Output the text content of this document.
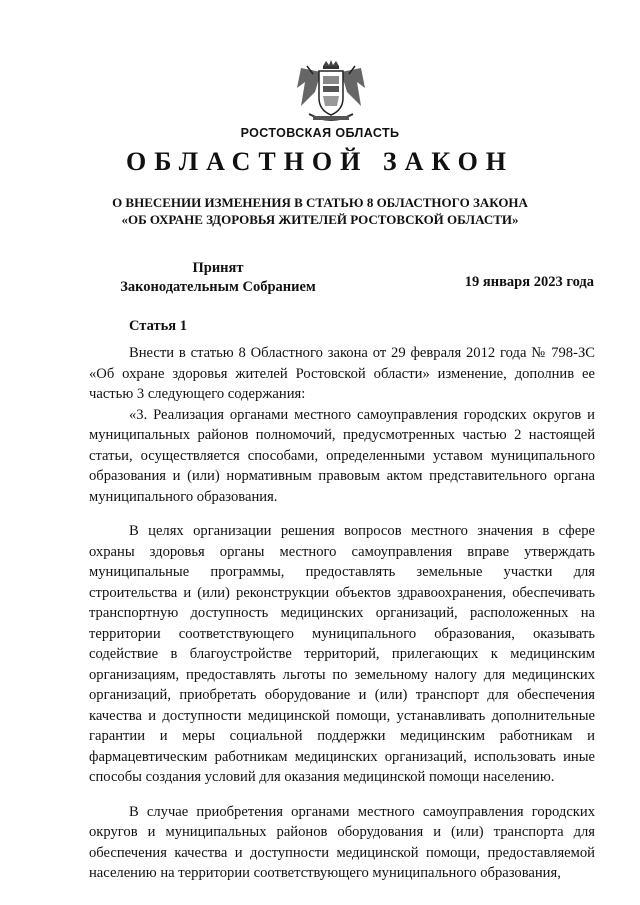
РОСТОВСКАЯ ОБЛАСТЬ
ОБЛАСТНОЙ ЗАКОН
О ВНЕСЕНИИ ИЗМЕНЕНИЯ В СТАТЬЮ 8 ОБЛАСТНОГО ЗАКОНА
«ОБ ОХРАНЕ ЗДОРОВЬЯ ЖИТЕЛЕЙ РОСТОВСКОЙ ОБЛАСТИ»
Принят
Законодательным Собранием	19 января 2023 года
Статья 1

Внести в статью 8 Областного закона от 29 февраля 2012 года № 798-ЗС «Об охране здоровья жителей Ростовской области» изменение, дополнив ее частью 3 следующего содержания:

«3. Реализация органами местного самоуправления городских округов и муниципальных районов полномочий, предусмотренных частью 2 настоящей статьи, осуществляется способами, определенными уставом муниципального образования и (или) нормативным правовым актом представительного органа муниципального образования.

В целях организации решения вопросов местного значения в сфере охраны здоровья органы местного самоуправления вправе утверждать муниципальные программы, предоставлять земельные участки для строительства и (или) реконструкции объектов здравоохранения, обеспечивать транспортную доступность медицинских организаций, расположенных на территории соответствующего муниципального образования, оказывать содействие в благоустройстве территорий, прилегающих к медицинским организациям, предоставлять льготы по земельному налогу для медицинских организаций, приобретать оборудование и (или) транспорт для обеспечения качества и доступности медицинской помощи, устанавливать дополнительные гарантии и меры социальной поддержки медицинским работникам и фармацевтическим работникам медицинских организаций, использовать иные способы создания условий для оказания медицинской помощи населению.

В случае приобретения органами местного самоуправления городских округов и муниципальных районов оборудования и (или) транспорта для обеспечения качества и доступности медицинской помощи, предоставляемой населению на территории соответствующего муниципального образования,
